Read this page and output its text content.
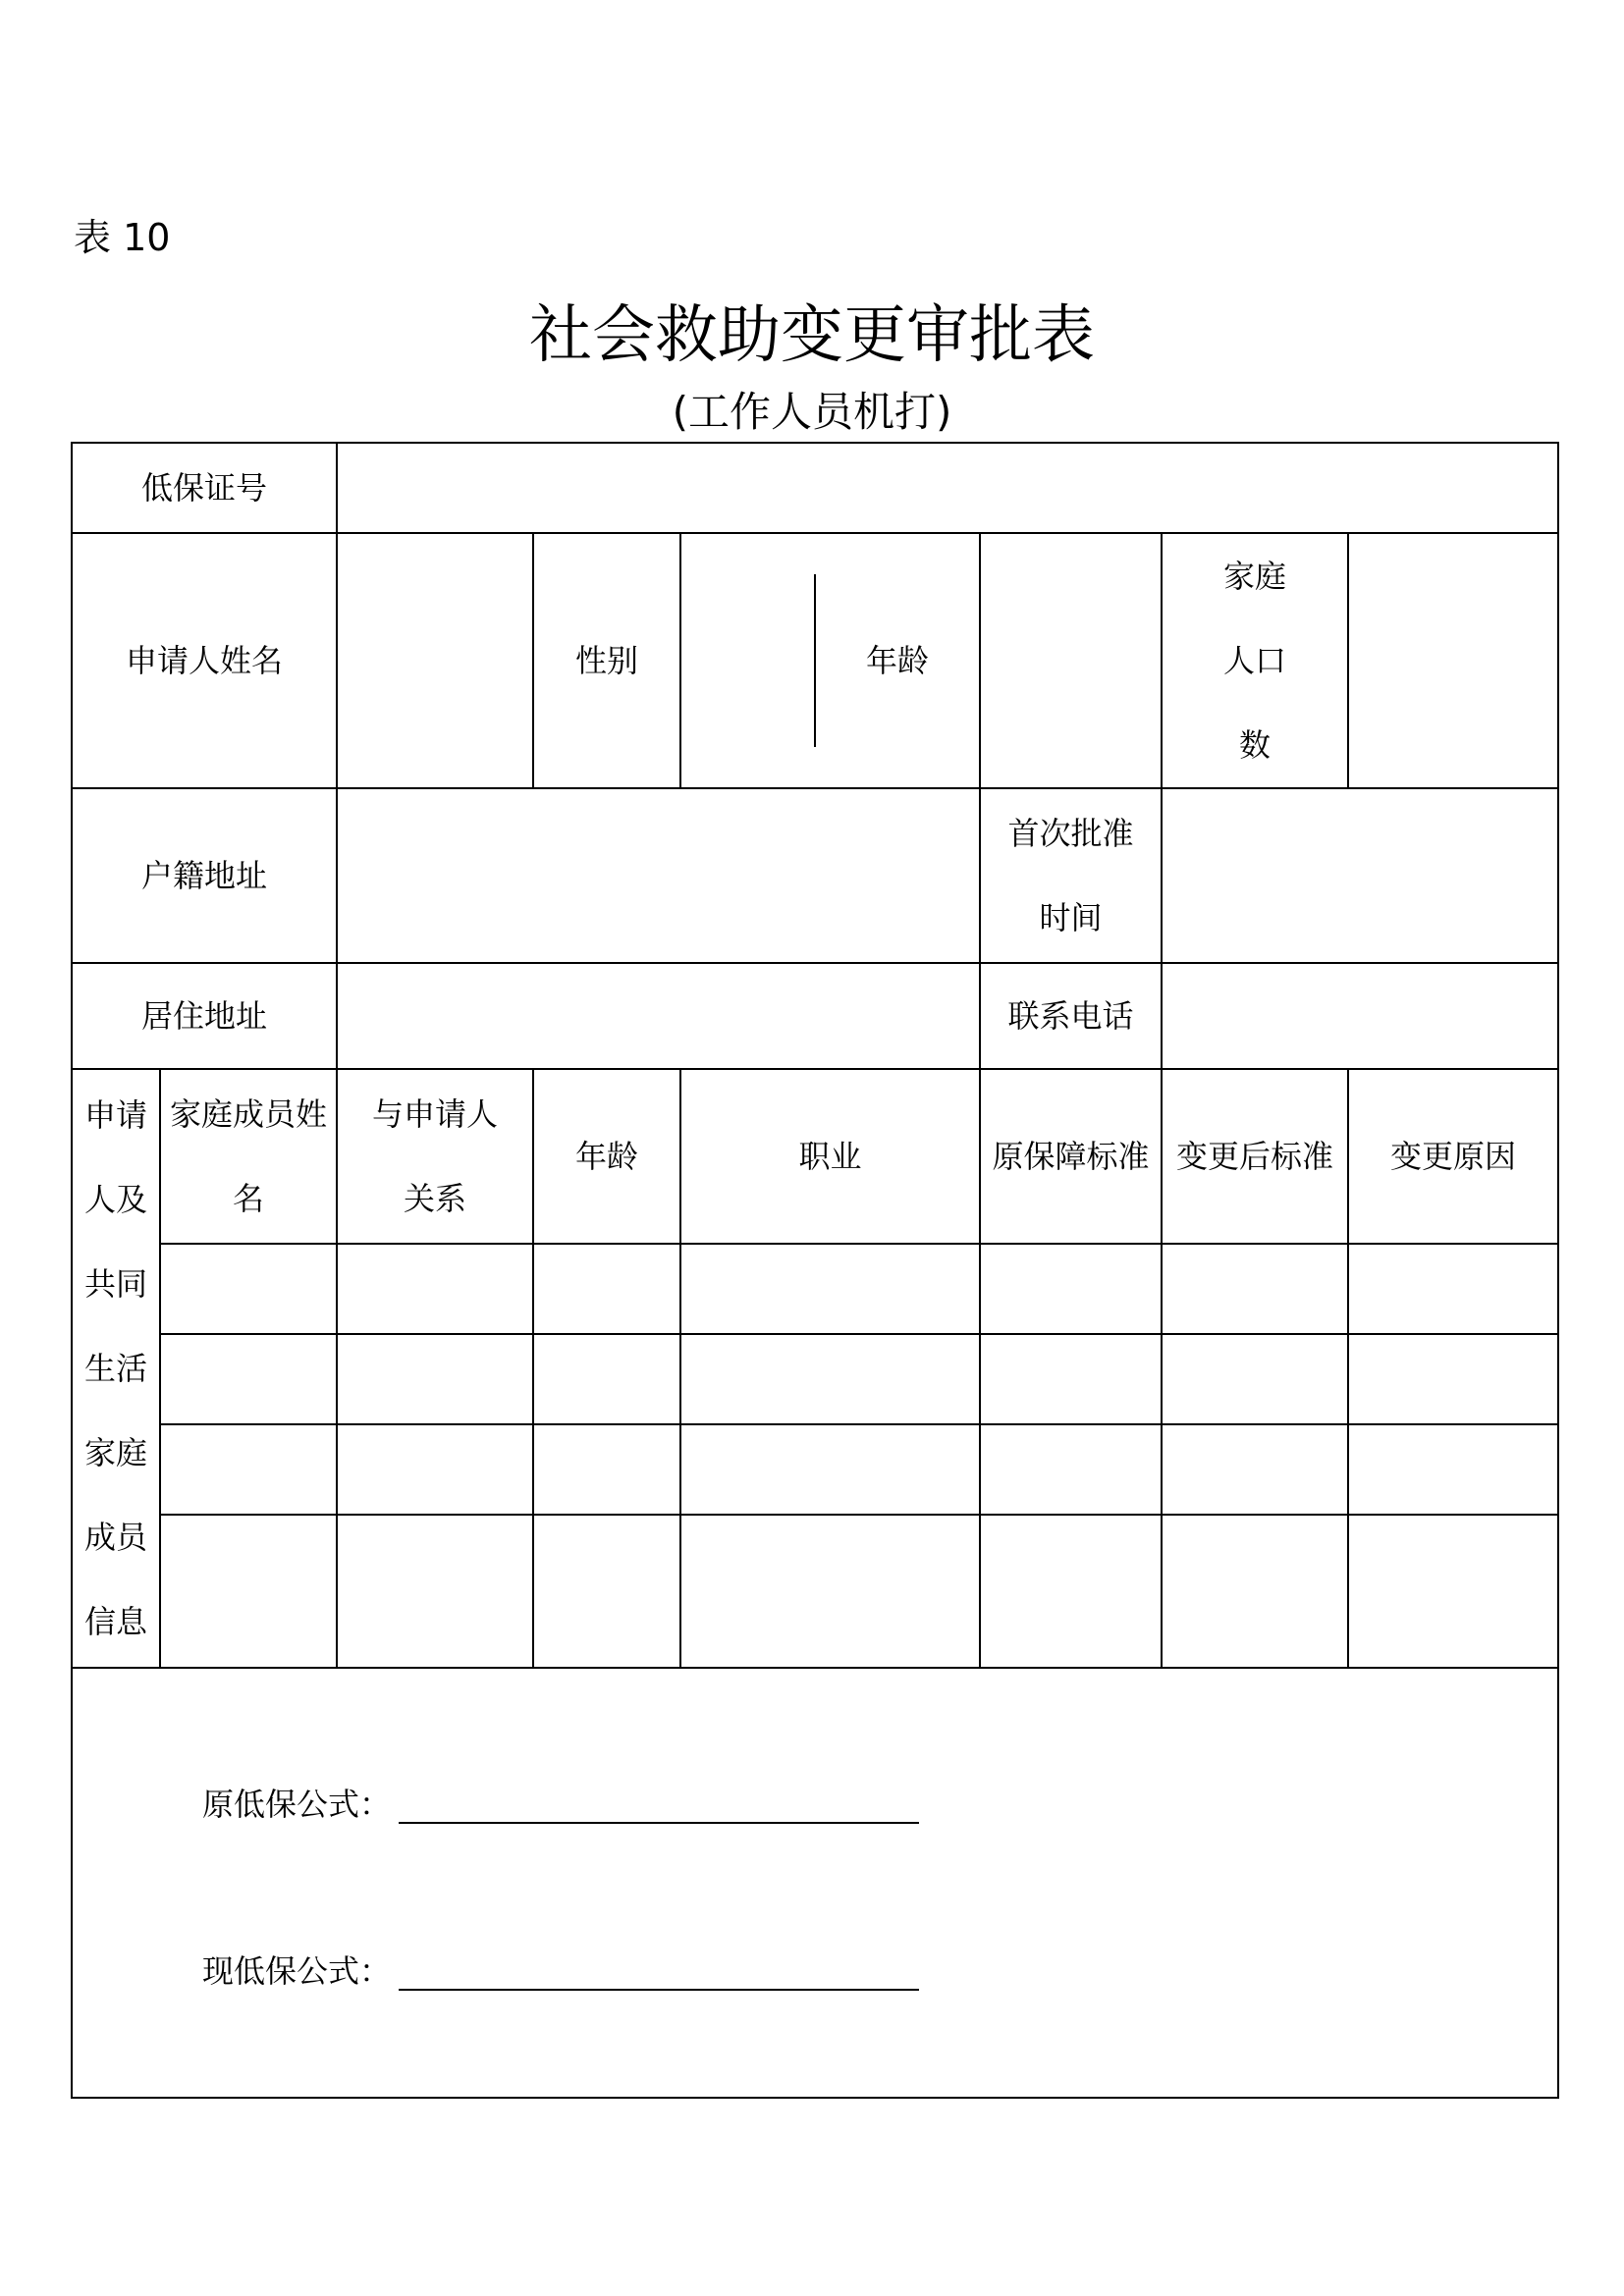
表 10
社会救助变更审批表
(工作人员机打)
低保证号							
申请人姓名			性别	年龄		家庭人口数	
户籍地址					首次批准时间		
居住地址					联系电话		
申请人及共同生活家庭成员信息	家庭成员姓名	与申请人关系	年龄	职业	原保障标准	变更后标准	变更原因

原低保公式：
现低保公式：							
